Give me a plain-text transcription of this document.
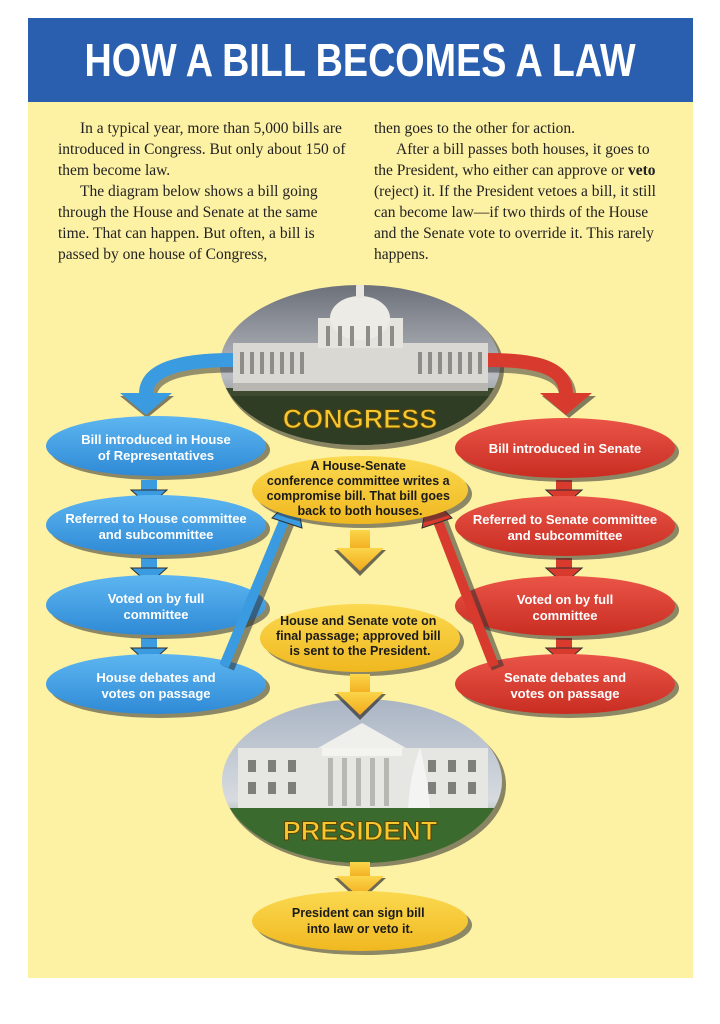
HOW A BILL BECOMES A LAW

In a typical year, more than 5,000 bills are introduced in Congress. But only about 150 of them become law.

The diagram below shows a bill going through the House and Senate at the same time. That can happen. But often, a bill is passed by one house of Congress,

then goes to the other for action.

After a bill passes both houses, it goes to the President, who either can approve or veto (reject) it. If the President vetoes a bill, it still can become law—if two thirds of the House and the Senate vote to override it. This rarely happens.

CONGRESS
PRESIDENT
Bill introduced in House of Representatives
Referred to House committee and subcommittee
Voted on by full committee
House debates and votes on passage
Bill introduced in Senate
Referred to Senate committee and subcommittee
Voted on by full committee
Senate debates and votes on passage
A House-Senate conference committee writes a compromise bill. That bill goes back to both houses.
House and Senate vote on final passage; approved bill is sent to the President.
President can sign bill into law or veto it.
